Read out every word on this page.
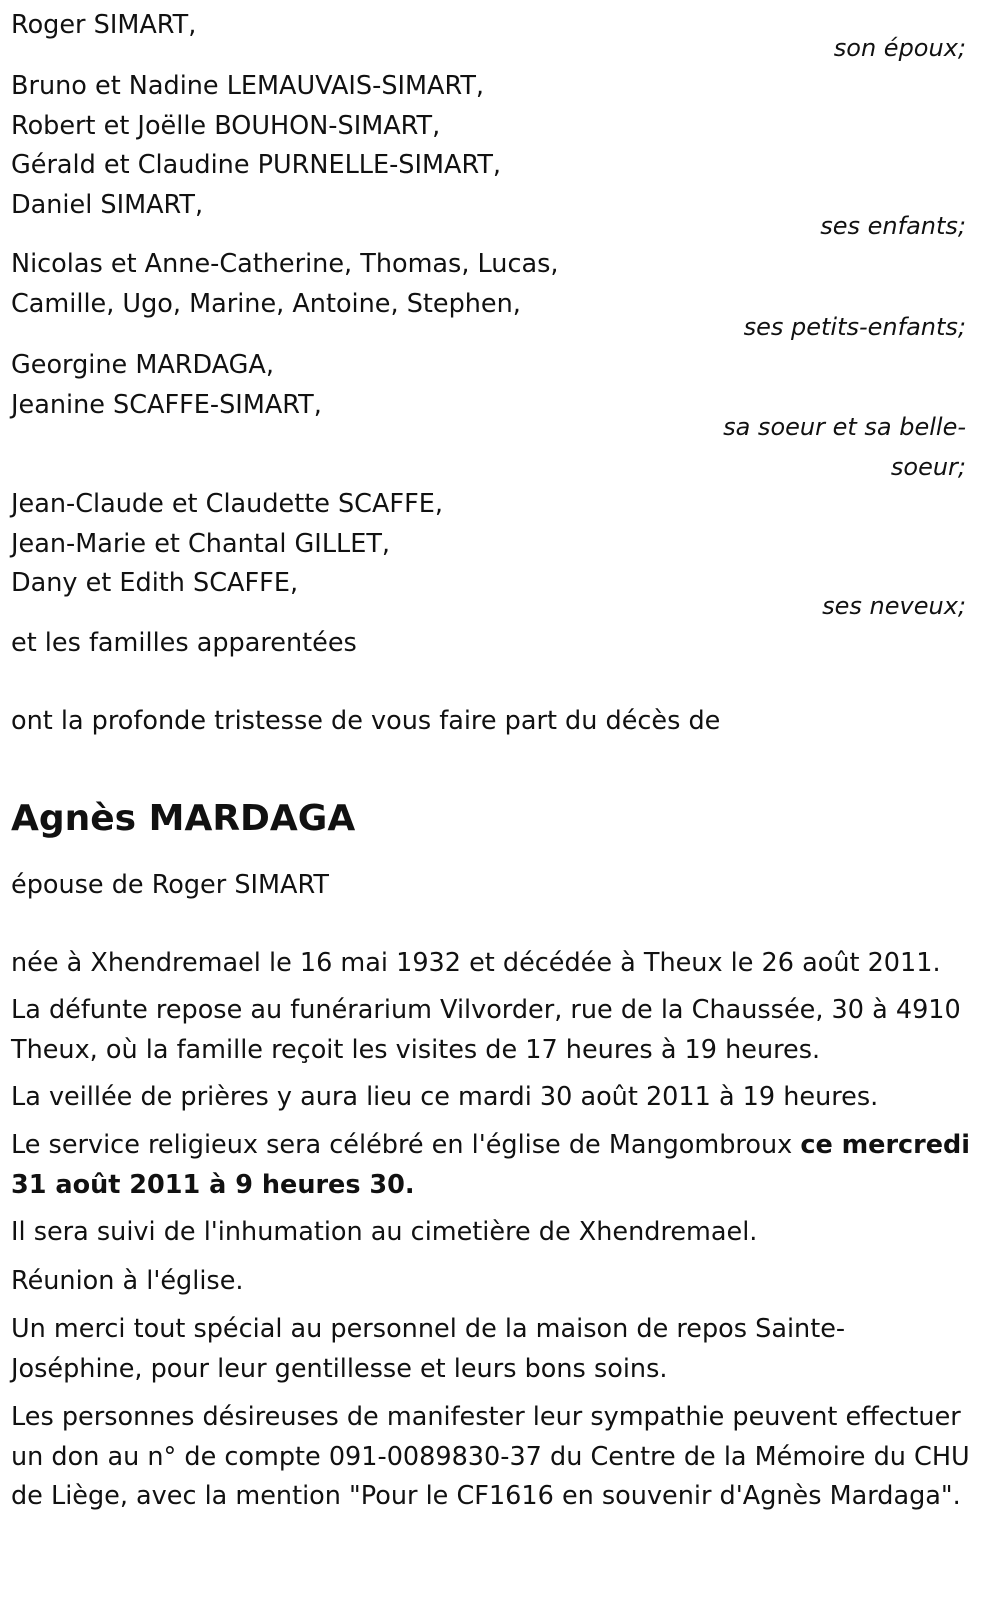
Roger SIMART,
son époux;
Bruno et Nadine LEMAUVAIS-SIMART,
Robert et Joëlle BOUHON-SIMART,
Gérald et Claudine PURNELLE-SIMART,
Daniel SIMART,
ses enfants;
Nicolas et Anne-Catherine, Thomas, Lucas,
Camille, Ugo, Marine, Antoine, Stephen,
ses petits-enfants;
Georgine MARDAGA,
Jeanine SCAFFE-SIMART,
sa soeur et sa belle-
soeur;
Jean-Claude et Claudette SCAFFE,
Jean-Marie et Chantal GILLET,
Dany et Edith SCAFFE,
ses neveux;
et les familles apparentées
ont la profonde tristesse de vous faire part du décès de
Agnès MARDAGA
épouse de Roger SIMART
née à Xhendremael le 16 mai 1932 et décédée à Theux le 26 août 2011.
La défunte repose au funérarium Vilvorder, rue de la Chaussée, 30 à 4910 Theux, où la famille reçoit les visites de 17 heures à 19 heures.
La veillée de prières y aura lieu ce mardi 30 août 2011 à 19 heures.
Le service religieux sera célébré en l'église de Mangombroux ce mercredi 31 août 2011 à 9 heures 30.
Il sera suivi de l'inhumation au cimetière de Xhendremael.
Réunion à l'église.
Un merci tout spécial au personnel de la maison de repos Sainte-Joséphine, pour leur gentillesse et leurs bons soins.
Les personnes désireuses de manifester leur sympathie peuvent effectuer un don au n° de compte 091-0089830-37 du Centre de la Mémoire du CHU de Liège, avec la mention "Pour le CF1616 en souvenir d'Agnès Mardaga".
